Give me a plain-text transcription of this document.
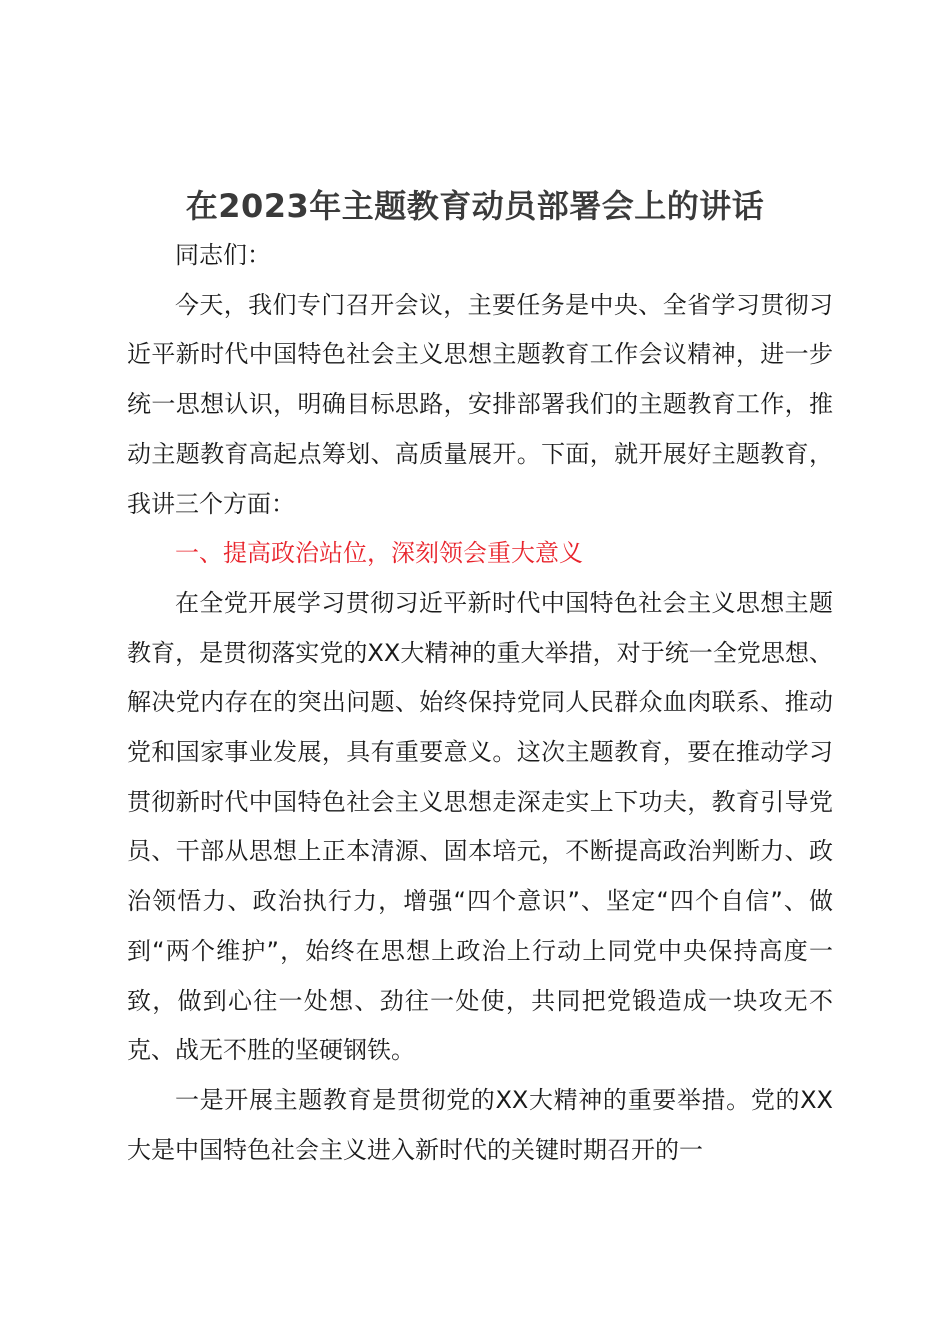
在2023年主题教育动员部署会上的讲话

同志们：

今天，我们专门召开会议，主要任务是中央、全省学习贯彻习近平新时代中国特色社会主义思想主题教育工作会议精神，进一步统一思想认识，明确目标思路，安排部署我们的主题教育工作，推动主题教育高起点筹划、高质量展开。下面，就开展好主题教育，我讲三个方面：

一、提高政治站位，深刻领会重大意义

在全党开展学习贯彻习近平新时代中国特色社会主义思想主题教育，是贯彻落实党的XX大精神的重大举措，对于统一全党思想、解决党内存在的突出问题、始终保持党同人民群众血肉联系、推动党和国家事业发展，具有重要意义。这次主题教育，要在推动学习贯彻新时代中国特色社会主义思想走深走实上下功夫，教育引导党员、干部从思想上正本清源、固本培元，不断提高政治判断力、政治领悟力、政治执行力，增强“四个意识”、坚定“四个自信”、做到“两个维护”，始终在思想上政治上行动上同党中央保持高度一致，做到心往一处想、劲往一处使，共同把党锻造成一块攻无不克、战无不胜的坚硬钢铁。

一是开展主题教育是贯彻党的XX大精神的重要举措。党的XX大是中国特色社会主义进入新时代的关键时期召开的一
